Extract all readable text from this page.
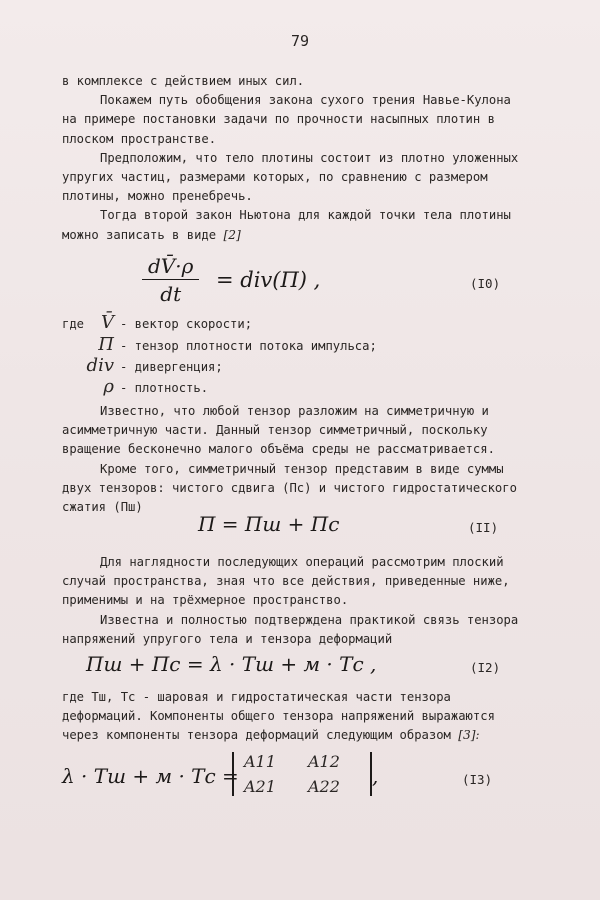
79

в комплексе с действием иных сил.

Покажем путь обобщения закона сухого трения Навье-Кулона на примере постановки задачи по прочности насыпных плотин в плоском пространстве.

Предположим, что тело плотины состоит из плотно уложенных упругих частиц, размерами которых, по сравнению с размером плотины, можно пренебречь.

Тогда второй закон Ньютона для каждой точки тела плотины можно записать в виде [2]

$\frac{dV̄\cdot\rho}{dt} = div(П)$ ,	(I0)
где V̄ - вектор скорости;
П - тензор плотности потока импульса;
div - дивергенция;
ρ - плотность.

Известно, что любой тензор разложим на симметричную и асимметричную части. Данный тензор симметричный, поскольку вращение бесконечно малого объёма среды не рассматривается.

Кроме того, симметричный тензор представим в виде суммы двух тензоров: чистого сдвига (Пс) и чистого гидростатического сжатия (Пш)

П = Пш + Пс	(II)

Для наглядности последующих операций рассмотрим плоский случай пространства, зная что все действия, приведенные ниже, применимы и на трёхмерное пространство.

Известна и полностью подтверждена практикой связь тензора напряжений упругого тела и тензора деформаций

Пш + Пс = λ · Тш + м · Тс ,	(I2)

где Тш, Тс - шаровая и гидростатическая части тензора деформаций. Компоненты общего тензора напряжений выражаются через компоненты тензора деформаций следующим образом [3]:

λ · Тш + м · Тс =
A11	A12
A21	A22	,	(I3)
